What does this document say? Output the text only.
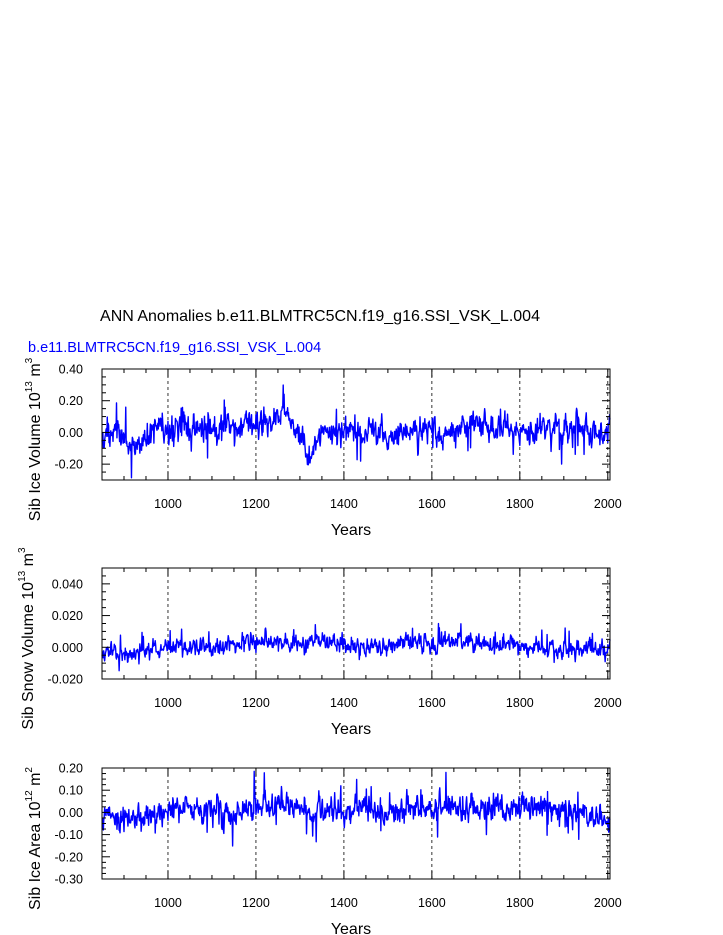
ANN Anomalies b.e11.BLMTRC5CN.f19_g16.SSI_VSK_L.004
b.e11.BLMTRC5CN.f19_g16.SSI_VSK_L.004
1000	1200	1400	1600	1800	2000
-0.20
0.00
0.20
0.40
Years
Sib Ice Volume $10^{13}$ $m^3$
1000	1200	1400	1600	1800	2000
-0.020
0.000
0.020
0.040
Years
Sib Snow Volume $10^{13}$ $m^3$
1000	1200	1400	1600	1800	2000
-0.30
-0.20
-0.10
0.00
0.10
0.20
Years
Sib Ice Area $10^{12}$ $m^2$
